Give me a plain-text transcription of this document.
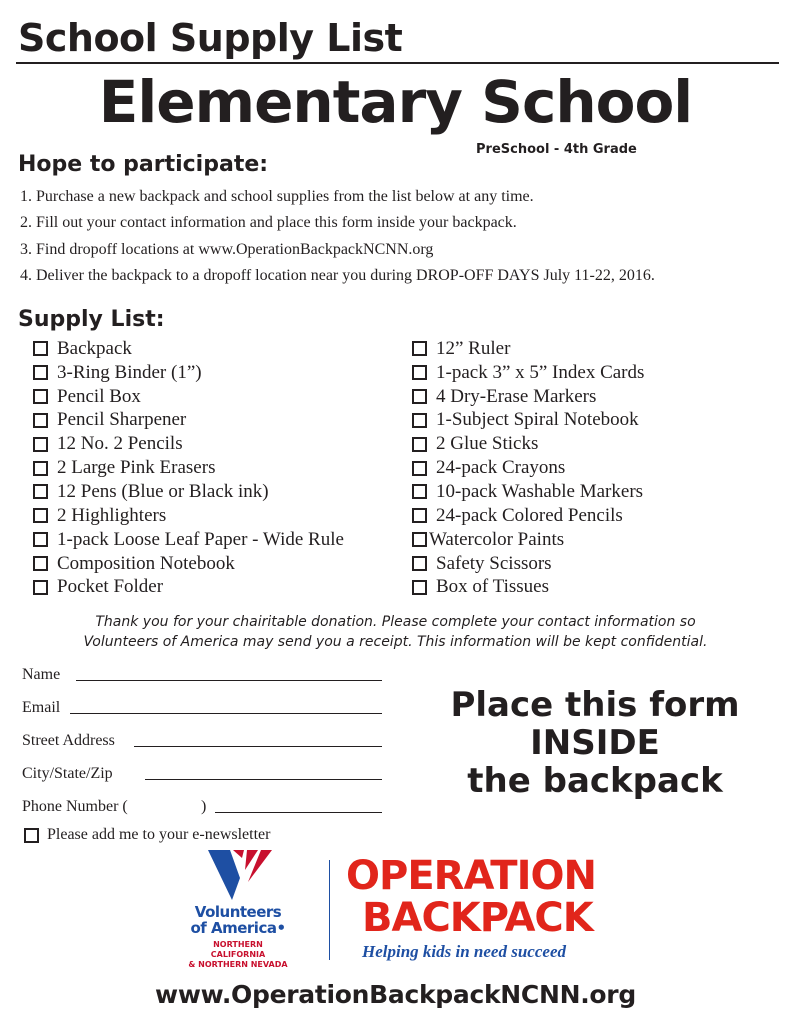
School Supply List
Elementary School
PreSchool - 4th Grade
Hope to participate:
1. Purchase a new backpack and school supplies from the list below at any time.
2. Fill out your contact information and place this form inside your backpack.
3. Find dropoff locations at www.OperationBackpackNCNN.org
4. Deliver the backpack to a dropoff location near you during DROP-OFF DAYS July 11-22, 2016.
Supply List:
Backpack
3-Ring Binder (1”)
Pencil Box
Pencil Sharpener
12 No. 2 Pencils
2 Large Pink Erasers
12 Pens (Blue or Black ink)
2 Highlighters
1-pack Loose Leaf Paper - Wide Rule
Composition Notebook
Pocket Folder
12” Ruler
1-pack 3” x 5” Index Cards
4 Dry-Erase Markers
1-Subject Spiral Notebook
2 Glue Sticks
24-pack Crayons
10-pack Washable Markers
24-pack Colored Pencils
Watercolor Paints
Safety Scissors
Box of Tissues
Thank you for your chairitable donation. Please complete your contact information so
Volunteers of America may send you a receipt. This information will be kept confidential.
Name
Email
Street Address
City/State/Zip
Phone Number (	)
Please add me to your e-newsletter
Place this form
INSIDE
the backpack
Volunteers
of America•
NORTHERN CALIFORNIA
& NORTHERN NEVADA
OPERATION
BACKPACK
Helping kids in need succeed
www.OperationBackpackNCNN.org
